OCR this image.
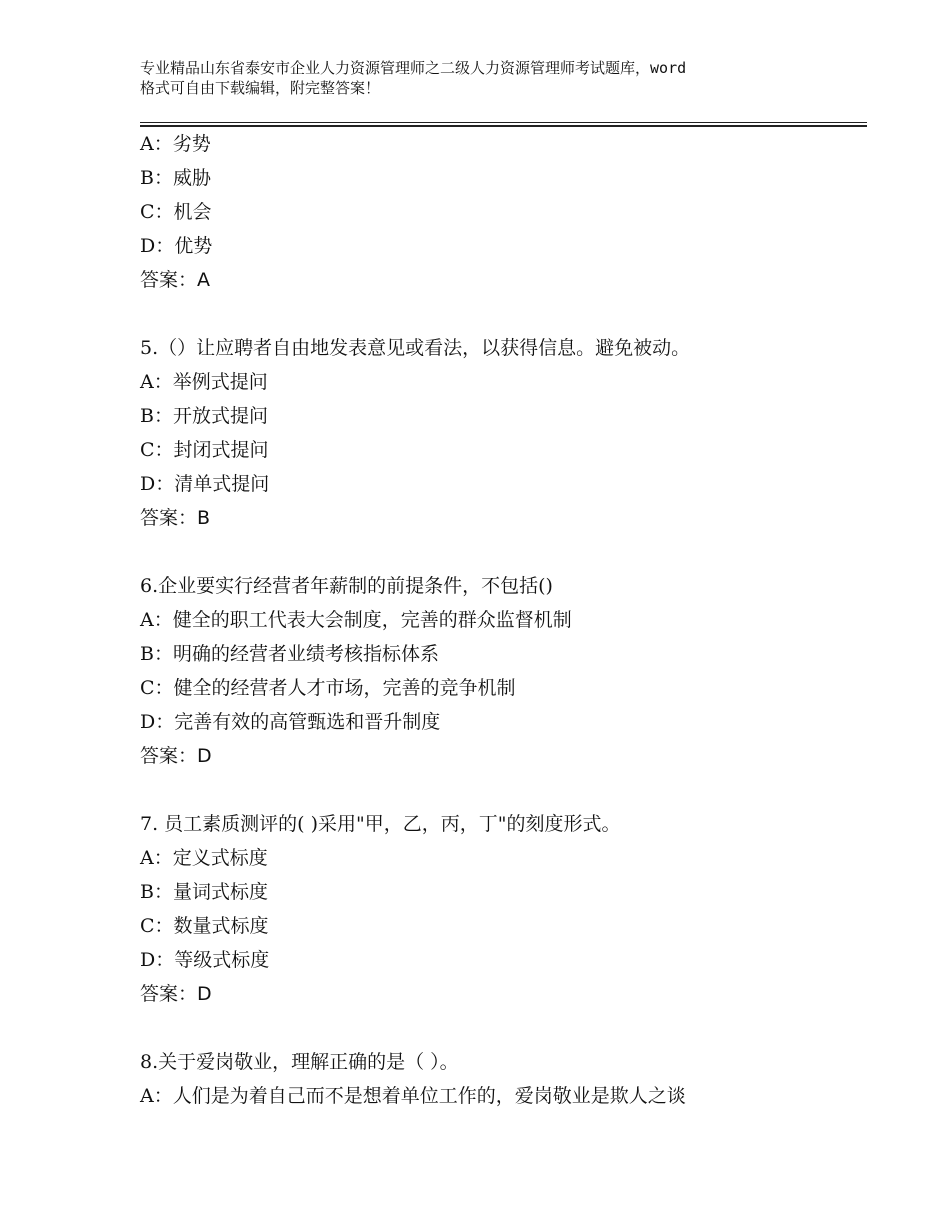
专业精品山东省泰安市企业人力资源管理师之二级人力资源管理师考试题库，word
格式可自由下载编辑，附完整答案！
A：劣势
B：威胁
C：机会
D：优势
答案：A
5.（）让应聘者自由地发表意见或看法，以获得信息。避免被动。
A：举例式提问
B：开放式提问
C：封闭式提问
D：清单式提问
答案：B
6.企业要实行经营者年薪制的前提条件，不包括()
A：健全的职工代表大会制度，完善的群众监督机制
B：明确的经营者业绩考核指标体系
C：健全的经营者人才市场，完善的竞争机制
D：完善有效的高管甄选和晋升制度
答案：D
7. 员工素质测评的( )采用"甲，乙，丙，丁"的刻度形式。
A：定义式标度
B：量词式标度
C：数量式标度
D：等级式标度
答案：D
8.关于爱岗敬业，理解正确的是（ ）。
A：人们是为着自己而不是想着单位工作的，爱岗敬业是欺人之谈
